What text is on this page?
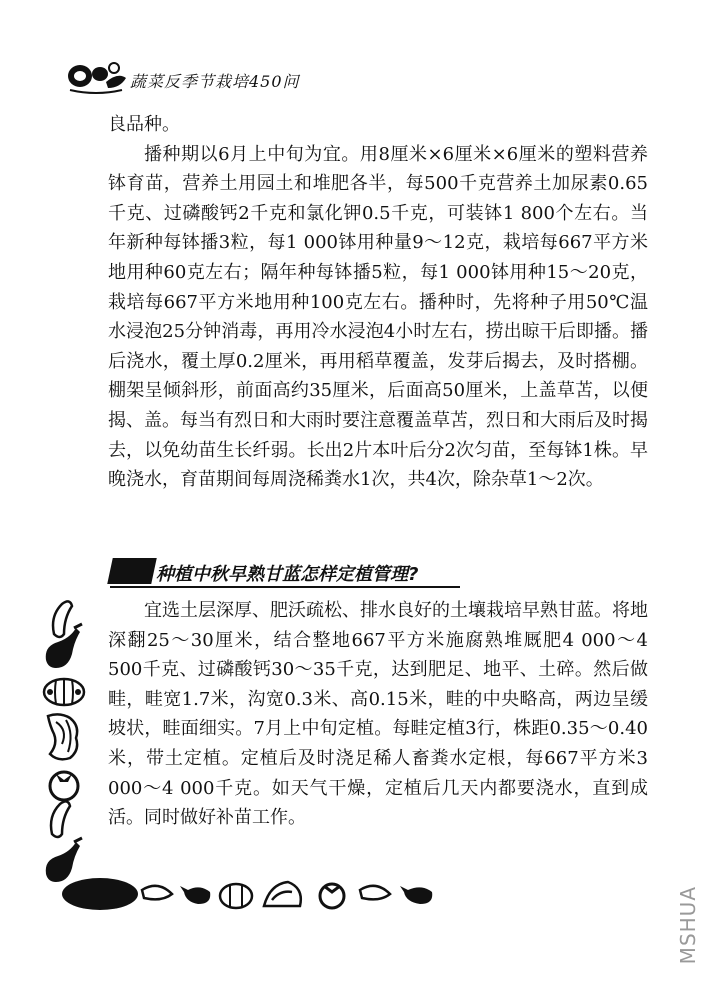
蔬菜反季节栽培450问

良品种。

播种期以6月上中旬为宜。用8厘米×6厘米×6厘米的塑料营养钵育苗，营养土用园土和堆肥各半，每500千克营养土加尿素0.65千克、过磷酸钙2千克和氯化钾0.5千克，可装钵1 800个左右。当年新种每钵播3粒，每1 000钵用种量9～12克，栽培每667平方米地用种60克左右；隔年种每钵播5粒，每1 000钵用种15～20克，栽培每667平方米地用种100克左右。播种时，先将种子用50℃温水浸泡25分钟消毒，再用冷水浸泡4小时左右，捞出晾干后即播。播后浇水，覆土厚0.2厘米，再用稻草覆盖，发芽后揭去，及时搭棚。棚架呈倾斜形，前面高约35厘米，后面高50厘米，上盖草苫，以便揭、盖。每当有烈日和大雨时要注意覆盖草苫，烈日和大雨后及时揭去，以免幼苗生长纤弱。长出2片本叶后分2次匀苗，至每钵1株。早晚浇水，育苗期间每周浇稀粪水1次，共4次，除杂草1～2次。

种植中秋早熟甘蓝怎样定植管理?

宜选土层深厚、肥沃疏松、排水良好的土壤栽培早熟甘蓝。将地深翻25～30厘米，结合整地667平方米施腐熟堆厩肥4 000～4 500千克、过磷酸钙30～35千克，达到肥足、地平、土碎。然后做畦，畦宽1.7米，沟宽0.3米、高0.15米，畦的中央略高，两边呈缓坡状，畦面细实。7月上中旬定植。每畦定植3行，株距0.35～0.40米，带土定植。定植后及时浇足稀人畜粪水定根，每667平方米3 000～4 000千克。如天气干燥，定植后几天内都要浇水，直到成活。同时做好补苗工作。

MSHUA
